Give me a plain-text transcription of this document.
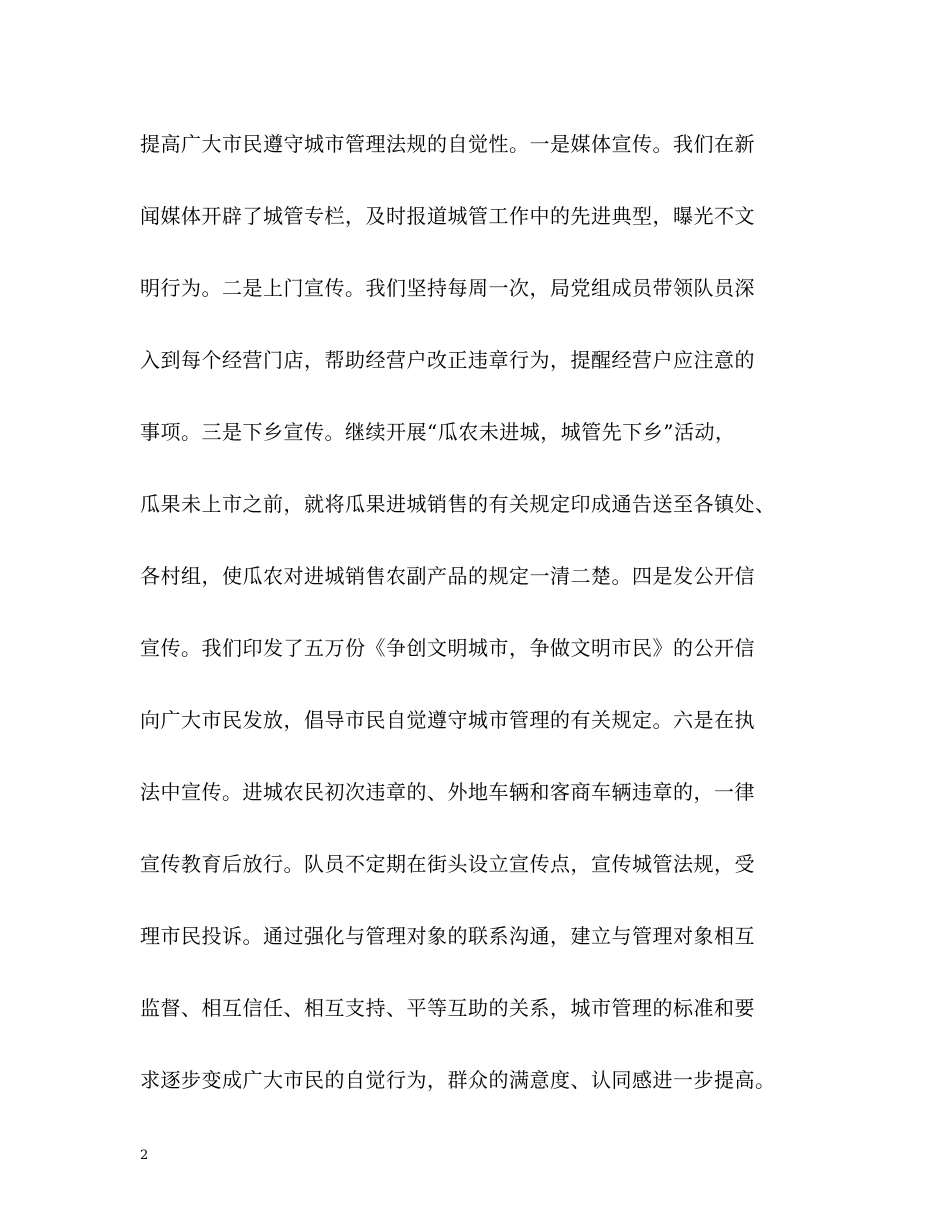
提高广大市民遵守城市管理法规的自觉性。一是媒体宣传。我们在新
闻媒体开辟了城管专栏，及时报道城管工作中的先进典型，曝光不文
明行为。二是上门宣传。我们坚持每周一次，局党组成员带领队员深
入到每个经营门店，帮助经营户改正违章行为，提醒经营户应注意的
事项。三是下乡宣传。继续开展“瓜农未进城，城管先下乡”活动，
瓜果未上市之前，就将瓜果进城销售的有关规定印成通告送至各镇处、
各村组，使瓜农对进城销售农副产品的规定一清二楚。四是发公开信
宣传。我们印发了五万份《争创文明城市，争做文明市民》的公开信
向广大市民发放，倡导市民自觉遵守城市管理的有关规定。六是在执
法中宣传。进城农民初次违章的、外地车辆和客商车辆违章的，一律
宣传教育后放行。队员不定期在街头设立宣传点，宣传城管法规，受
理市民投诉。通过强化与管理对象的联系沟通，建立与管理对象相互
监督、相互信任、相互支持、平等互助的关系，城市管理的标准和要
求逐步变成广大市民的自觉行为，群众的满意度、认同感进一步提高。
2
